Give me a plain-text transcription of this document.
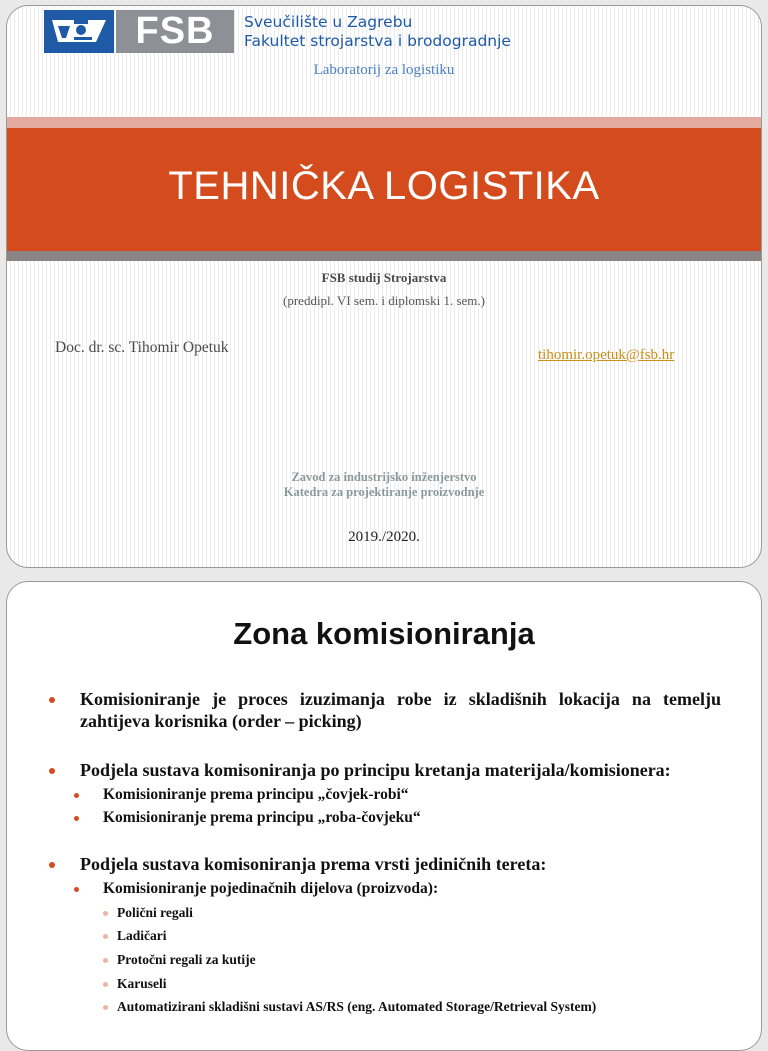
FSB	Sveučilište u Zagrebu
Fakultet strojarstva i brodogradnje
Laboratorij za logistiku
TEHNIČKA LOGISTIKA
FSB studij Strojarstva
(preddipl. VI sem. i diplomski 1. sem.)
Doc. dr. sc. Tihomir Opetuk	tihomir.opetuk@fsb.hr
Zavod za industrijsko inženjerstvo
Katedra za projektiranje proizvodnje
2019./2020.
Zona komisioniranja
Komisioniranje je proces izuzimanja robe iz skladišnih lokacija na temelju zahtijeva korisnika (order – picking)
Podjela sustava komisoniranja po principu kretanja materijala/komisionera:
Komisioniranje prema principu „čovjek-robi“
Komisioniranje prema principu „roba-čovjeku“
Podjela sustava komisoniranja prema vrsti jediničnih tereta:
Komisioniranje pojedinačnih dijelova (proizvoda):
Polični regali
Ladičari
Protočni regali za kutije
Karuseli
Automatizirani skladišni sustavi AS/RS (eng. Automated Storage/Retrieval System)
